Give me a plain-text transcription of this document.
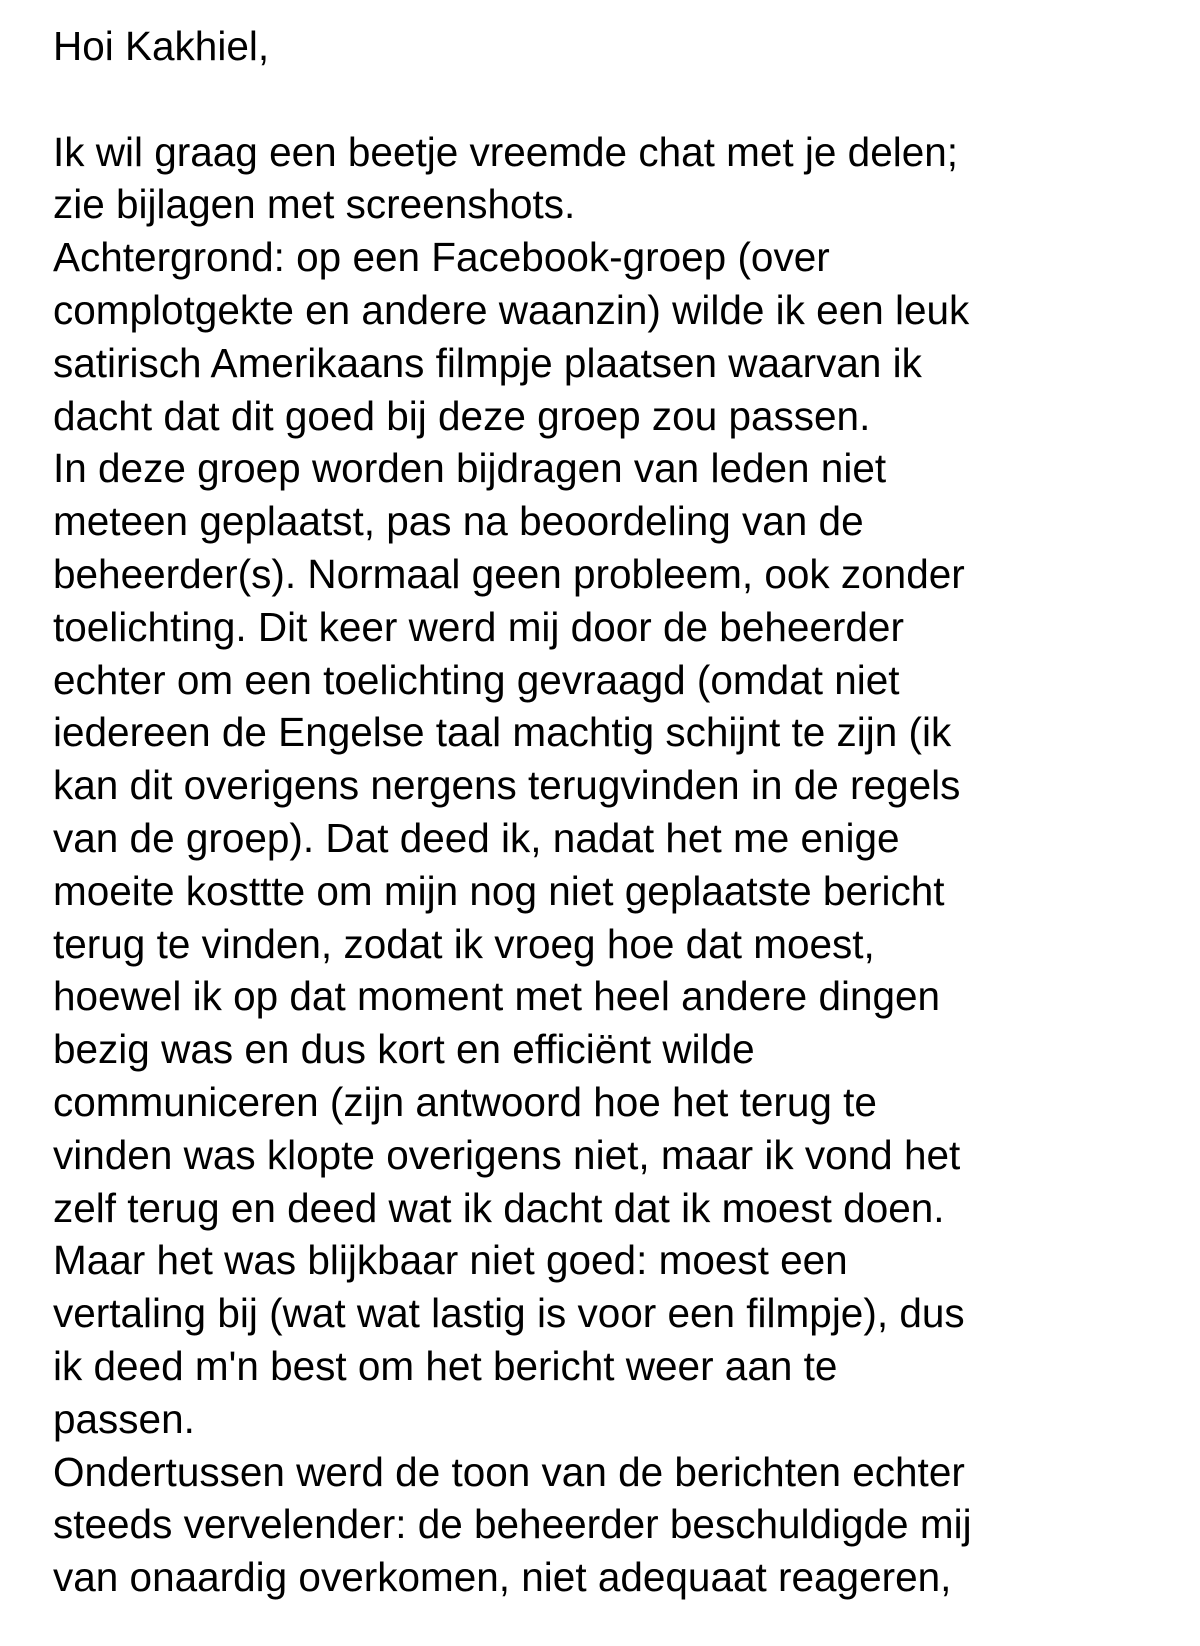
Hoi Kakhiel,
Ik wil graag een beetje vreemde chat met je delen;
zie bijlagen met screenshots.
Achtergrond: op een Facebook-groep (over
complotgekte en andere waanzin) wilde ik een leuk
satirisch Amerikaans filmpje plaatsen waarvan ik
dacht dat dit goed bij deze groep zou passen.
In deze groep worden bijdragen van leden niet
meteen geplaatst, pas na beoordeling van de
beheerder(s). Normaal geen probleem, ook zonder
toelichting. Dit keer werd mij door de beheerder
echter om een toelichting gevraagd (omdat niet
iedereen de Engelse taal machtig schijnt te zijn (ik
kan dit overigens nergens terugvinden in de regels
van de groep). Dat deed ik, nadat het me enige
moeite kosttte om mijn nog niet geplaatste bericht
terug te vinden, zodat ik vroeg hoe dat moest,
hoewel ik op dat moment met heel andere dingen
bezig was en dus kort en efficiënt wilde
communiceren (zijn antwoord hoe het terug te
vinden was klopte overigens niet, maar ik vond het
zelf terug en deed wat ik dacht dat ik moest doen.
Maar het was blijkbaar niet goed: moest een
vertaling bij (wat wat lastig is voor een filmpje), dus
ik deed m'n best om het bericht weer aan te
passen.
Ondertussen werd de toon van de berichten echter
steeds vervelender: de beheerder beschuldigde mij
van onaardig overkomen, niet adequaat reageren,
